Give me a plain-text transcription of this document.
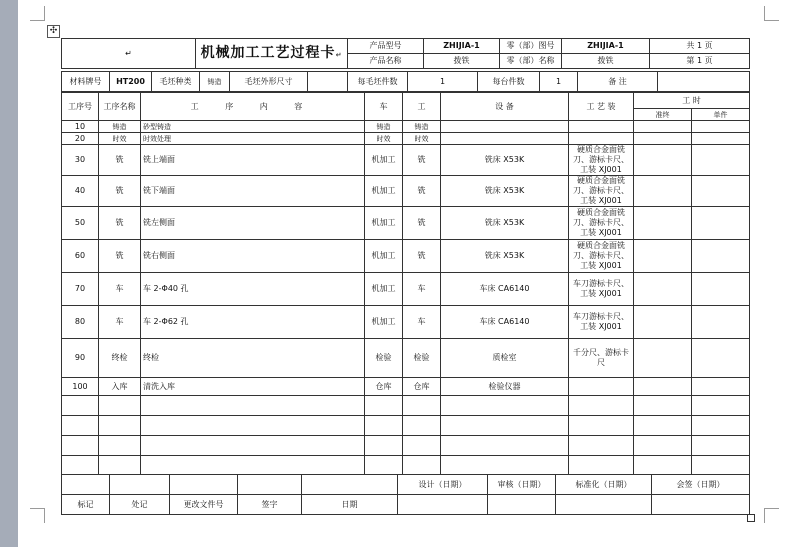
✣
↵	机械加工工艺过程卡↵	产品型号	ZHIJIA-1	零（部）图号	ZHIJIA-1	共 1 页
		产品名称	拨铁	零（部）名称	拨铁	第 1 页
材料牌号	HT200	毛坯种类	铸造	毛坯外形尺寸		每毛坯件数	1	每台件数	1	备 注	
工序号	工序名称	工 序 内 容	车	工	设 备	工 艺 装	工 时	
							准终	单件
10	铸造	砂型铸造	铸造	铸造				
20	时效	时效处理	时效	时效				
30	铣	铣上端面	机加工	铣	铣床 X53K	硬质合金面铣刀、游标卡尺、工装 XJ001		
40	铣	铣下端面	机加工	铣	铣床 X53K	硬质合金面铣刀、游标卡尺、工装 XJ001		
50	铣	铣左侧面	机加工	铣	铣床 X53K	硬质合金面铣刀、游标卡尺、工装 XJ001		
60	铣	铣右侧面	机加工	铣	铣床 X53K	硬质合金面铣刀、游标卡尺、工装 XJ001		
70	车	车 2-Φ40 孔	机加工	车	车床 CA6140	车刀游标卡尺、工装 XJ001		
80	车	车 2-Φ62 孔	机加工	车	车床 CA6140	车刀游标卡尺、工装 XJ001		
90	终检	终检	检验	检验	质检室	千分尺、游标卡尺		
100	入库	清洗入库	仓库	仓库	检验仪器			

					设计（日期）	审核（日期）	标准化（日期）	会签（日期）
标记	处记	更改文件号	签字	日期				
